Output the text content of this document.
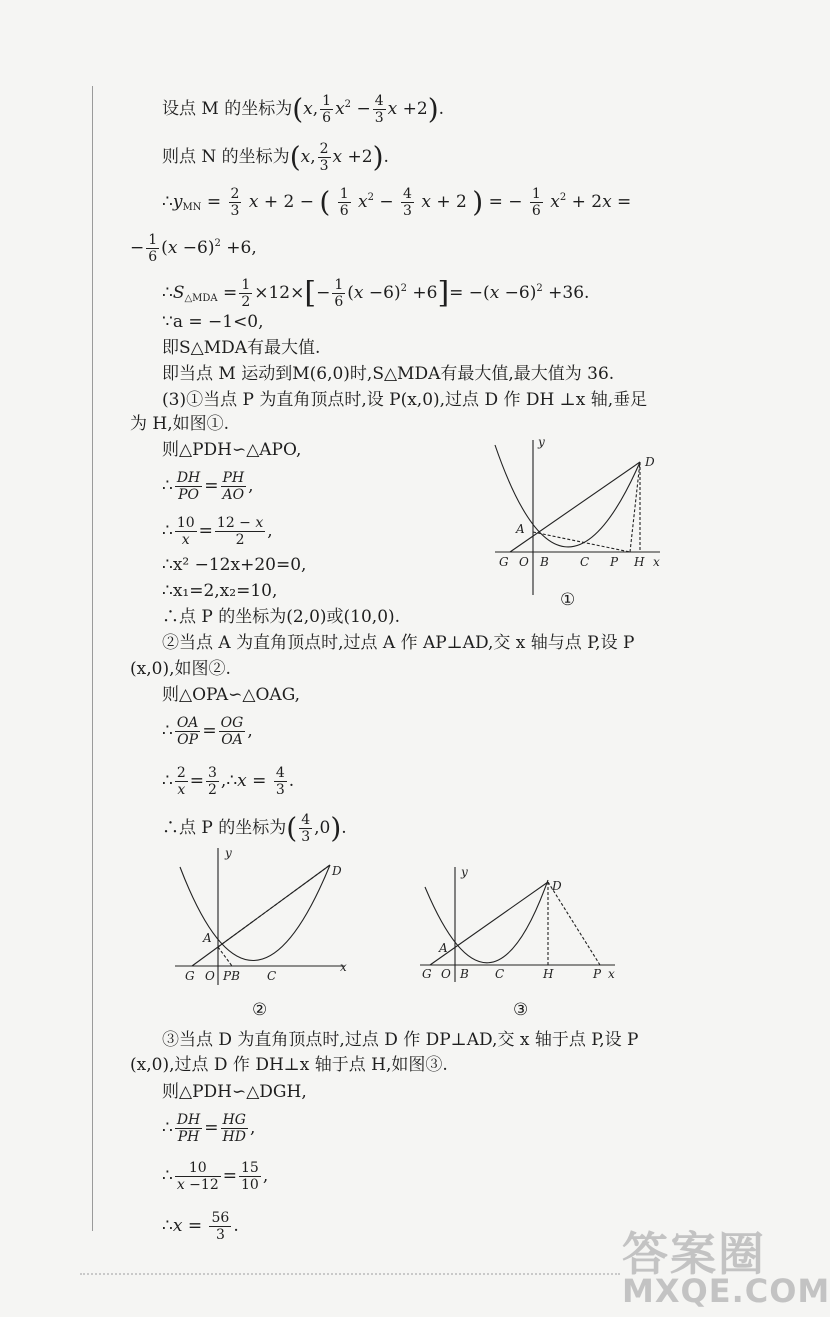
设点 M 的坐标为(x, $\frac{1}{6} x^2 - \frac{4}{3}$ x +2).
则点 N 的坐标为(x, $\frac{2}{3}$ x +2).
$\therefore y_{MN} = \frac{2}{3}$ x + 2 − ( $\frac{1}{6} x^2 - \frac{4}{3}$ x + 2 ) = − $\frac{1}{6} x^2 + 2x$ =
− $\frac{1}{6} (x -6)^2 +6$,
$\therefore S_{\triangle MDA} = \frac{1}{2} \times 12\times[- \frac{1}{6} (x -6)^2 +6]= -(x -6)^2 +36$.
∵a = −1<0,
即S△MDA有最大值.
即当点 M 运动到M(6,0)时,S△MDA有最大值,最大值为 36.
(3)①当点 P 为直角顶点时,设 P(x,0),过点 D 作 DH ⊥x 轴,垂足
为 H,如图①.
则△PDH∽△APO,
∴ $\frac{DH}{PO} = \frac{PH}{AO}$ ,
∴ $\frac{10}{x} = \frac{12 - x}{2}$ ,
∴x² −12x+20=0,
∴x₁=2,x₂=10,
∴点 P 的坐标为(2,0)或(10,0).
y
x
D
A
G O B	C P H
①
②当点 A 为直角顶点时,过点 A 作 AP⊥AD,交 x 轴与点 P,设 P
(x,0),如图②.
则△OPA∽△OAG,
∴ $\frac{OA}{OP} = \frac{OG}{OA}$ ,
∴ $\frac{2}{x} = \frac{3}{2}$ ,∴x = $\frac{4}{3}$ .
∴点 P 的坐标为( $\frac{4}{3} ,0$).
y
x
D
A
G O PB C
②
y
x
D
A
G O B C	H	P
③
③当点 D 为直角顶点时,过点 D 作 DP⊥AD,交 x 轴于点 P,设 P
(x,0),过点 D 作 DH⊥x 轴于点 H,如图③.
则△PDH∽△DGH,
∴ $\frac{DH}{PH} = \frac{HG}{HD}$ ,
∴ $\frac{10}{x -12} = \frac{15}{10}$ ,
∴x = $\frac{56}{3}$ .
答案圈
MXQE.COM
